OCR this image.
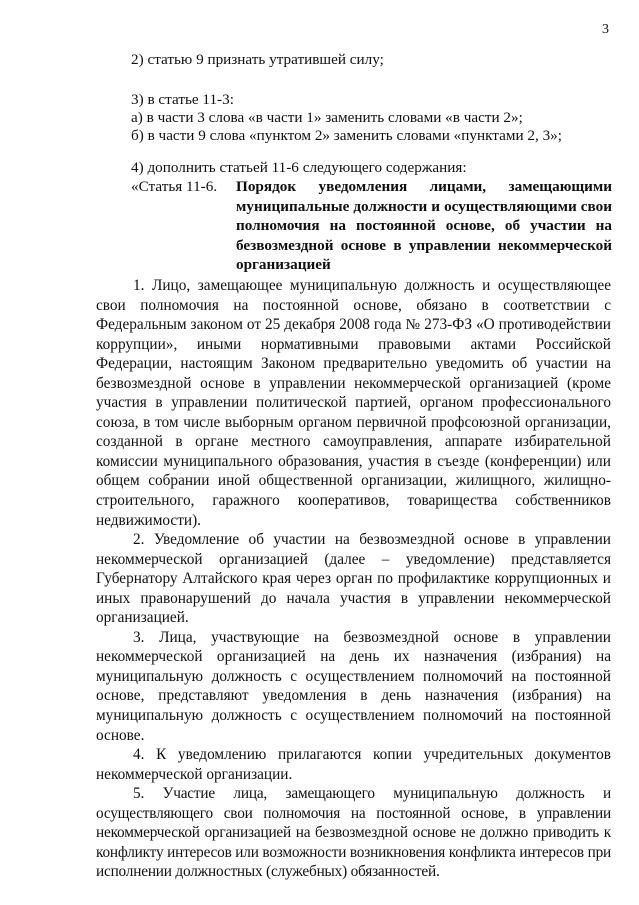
3
2) статью 9 признать утратившей силу;
3) в статье 11-3:
а) в части 3 слова «в части 1» заменить словами «в части 2»;
б) в части 9 слова «пунктом 2» заменить словами «пунктами 2, 3»;
4) дополнить статьей 11-6 следующего содержания:
«Статья 11-6. Порядок уведомления лицами, замещающими муниципальные должности и осуществляющими свои полномочия на постоянной основе, об участии на безвозмездной основе в управлении некоммерческой организацией

1. Лицо, замещающее муниципальную должность и осуществляющее свои полномочия на постоянной основе, обязано в соответствии с Федеральным законом от 25 декабря 2008 года № 273-ФЗ «О противодействии коррупции», иными нормативными правовыми актами Российской Федерации, настоящим Законом предварительно уведомить об участии на безвозмездной основе в управлении некоммерческой организацией (кроме участия в управлении политической партией, органом профессионального союза, в том числе выборным органом первичной профсоюзной организации, созданной в органе местного самоуправления, аппарате избирательной комиссии муниципального образования, участия в съезде (конференции) или общем собрании иной общественной организации, жилищного, жилищно-строительного, гаражного кооперативов, товарищества собственников недвижимости).

2. Уведомление об участии на безвозмездной основе в управлении некоммерческой организацией (далее – уведомление) представляется Губернатору Алтайского края через орган по профилактике коррупционных и иных правонарушений до начала участия в управлении некоммерческой организацией.

3. Лица, участвующие на безвозмездной основе в управлении некоммерческой организацией на день их назначения (избрания) на муниципальную должность с осуществлением полномочий на постоянной основе, представляют уведомления в день назначения (избрания) на муниципальную должность с осуществлением полномочий на постоянной основе.

4. К уведомлению прилагаются копии учредительных документов некоммерческой организации.

5. Участие лица, замещающего муниципальную должность и осуществляющего свои полномочия на постоянной основе, в управлении некоммерческой организацией на безвозмездной основе не должно приводить к конфликту интересов или возможности возникновения конфликта интересов при исполнении должностных (служебных) обязанностей.
